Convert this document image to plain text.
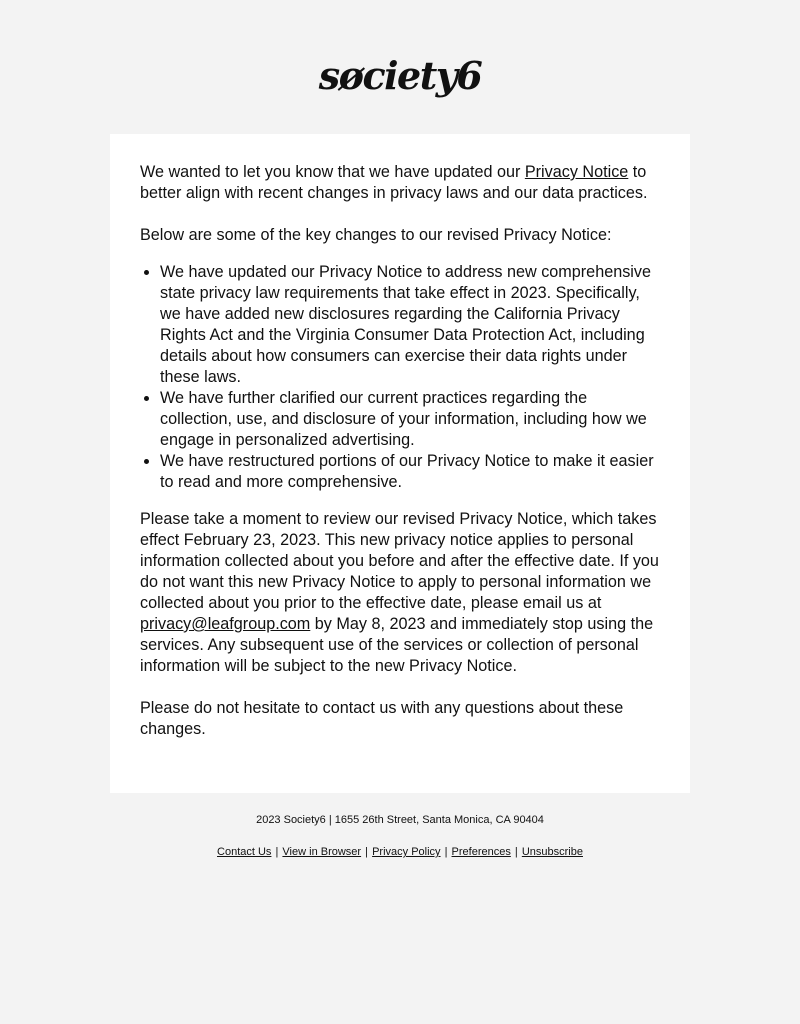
søciety6

We wanted to let you know that we have updated our Privacy Notice to better align with recent changes in privacy laws and our data practices.

Below are some of the key changes to our revised Privacy Notice:

• We have updated our Privacy Notice to address new comprehensive state privacy law requirements that take effect in 2023. Specifically, we have added new disclosures regarding the California Privacy Rights Act and the Virginia Consumer Data Protection Act, including details about how consumers can exercise their data rights under these laws.
• We have further clarified our current practices regarding the collection, use, and disclosure of your information, including how we engage in personalized advertising.
• We have restructured portions of our Privacy Notice to make it easier to read and more comprehensive.

Please take a moment to review our revised Privacy Notice, which takes effect February 23, 2023. This new privacy notice applies to personal information collected about you before and after the effective date. If you do not want this new Privacy Notice to apply to personal information we collected about you prior to the effective date, please email us at privacy@leafgroup.com by May 8, 2023 and immediately stop using the services. Any subsequent use of the services or collection of personal information will be subject to the new Privacy Notice.

Please do not hesitate to contact us with any questions about these changes.

2023 Society6 | 1655 26th Street, Santa Monica, CA 90404
Contact Us | View in Browser | Privacy Policy | Preferences | Unsubscribe
